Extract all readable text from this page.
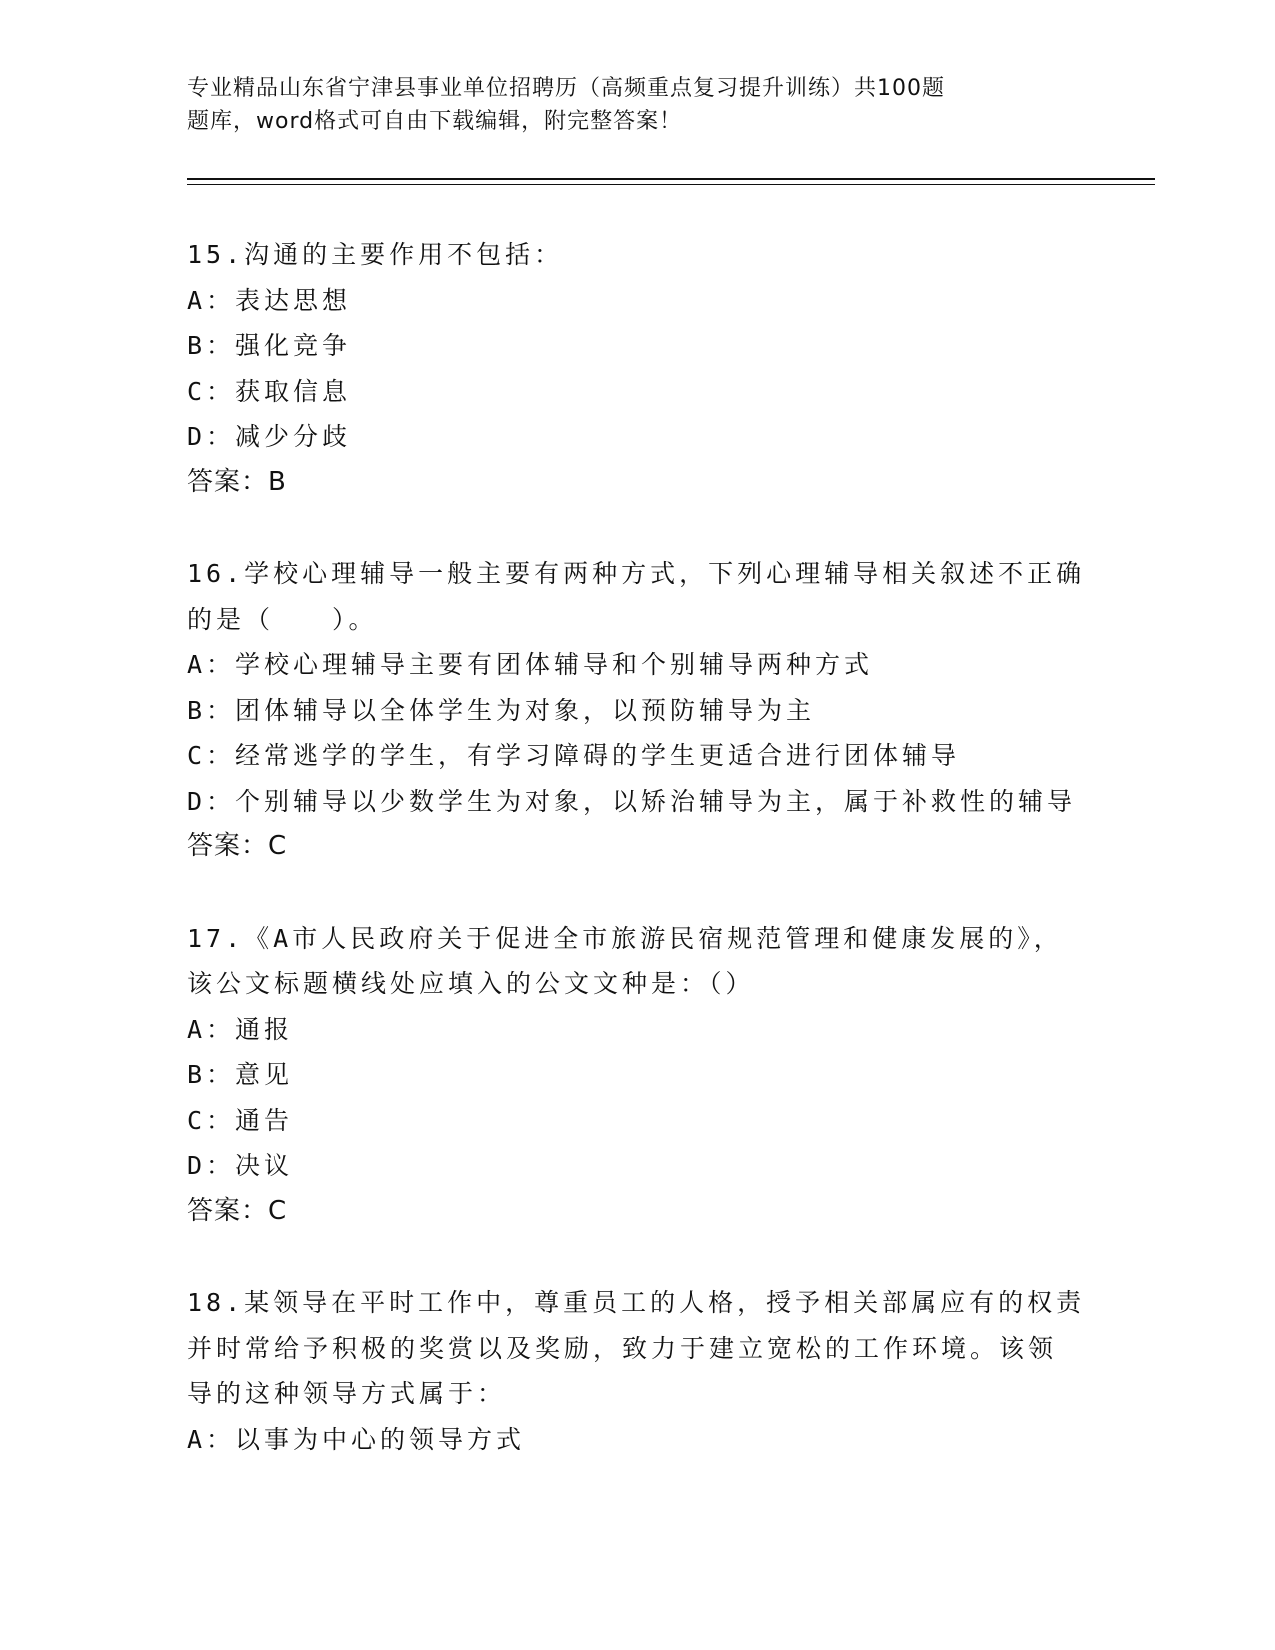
专业精品山东省宁津县事业单位招聘历（高频重点复习提升训练）共100题
题库，word格式可自由下载编辑，附完整答案！
15.沟通的主要作用不包括：
A：表达思想
B：强化竞争
C：获取信息
D：减少分歧
答案：B
16.学校心理辅导一般主要有两种方式，下列心理辅导相关叙述不正确
的是（　　）。
A：学校心理辅导主要有团体辅导和个别辅导两种方式
B：团体辅导以全体学生为对象，以预防辅导为主
C：经常逃学的学生，有学习障碍的学生更适合进行团体辅导
D：个别辅导以少数学生为对象，以矫治辅导为主，属于补救性的辅导
答案：C
17.《A市人民政府关于促进全市旅游民宿规范管理和健康发展的》，
该公文标题横线处应填入的公文文种是：（）
A：通报
B：意见
C：通告
D：决议
答案：C
18.某领导在平时工作中，尊重员工的人格，授予相关部属应有的权责
并时常给予积极的奖赏以及奖励，致力于建立宽松的工作环境。该领
导的这种领导方式属于：
A：以事为中心的领导方式
